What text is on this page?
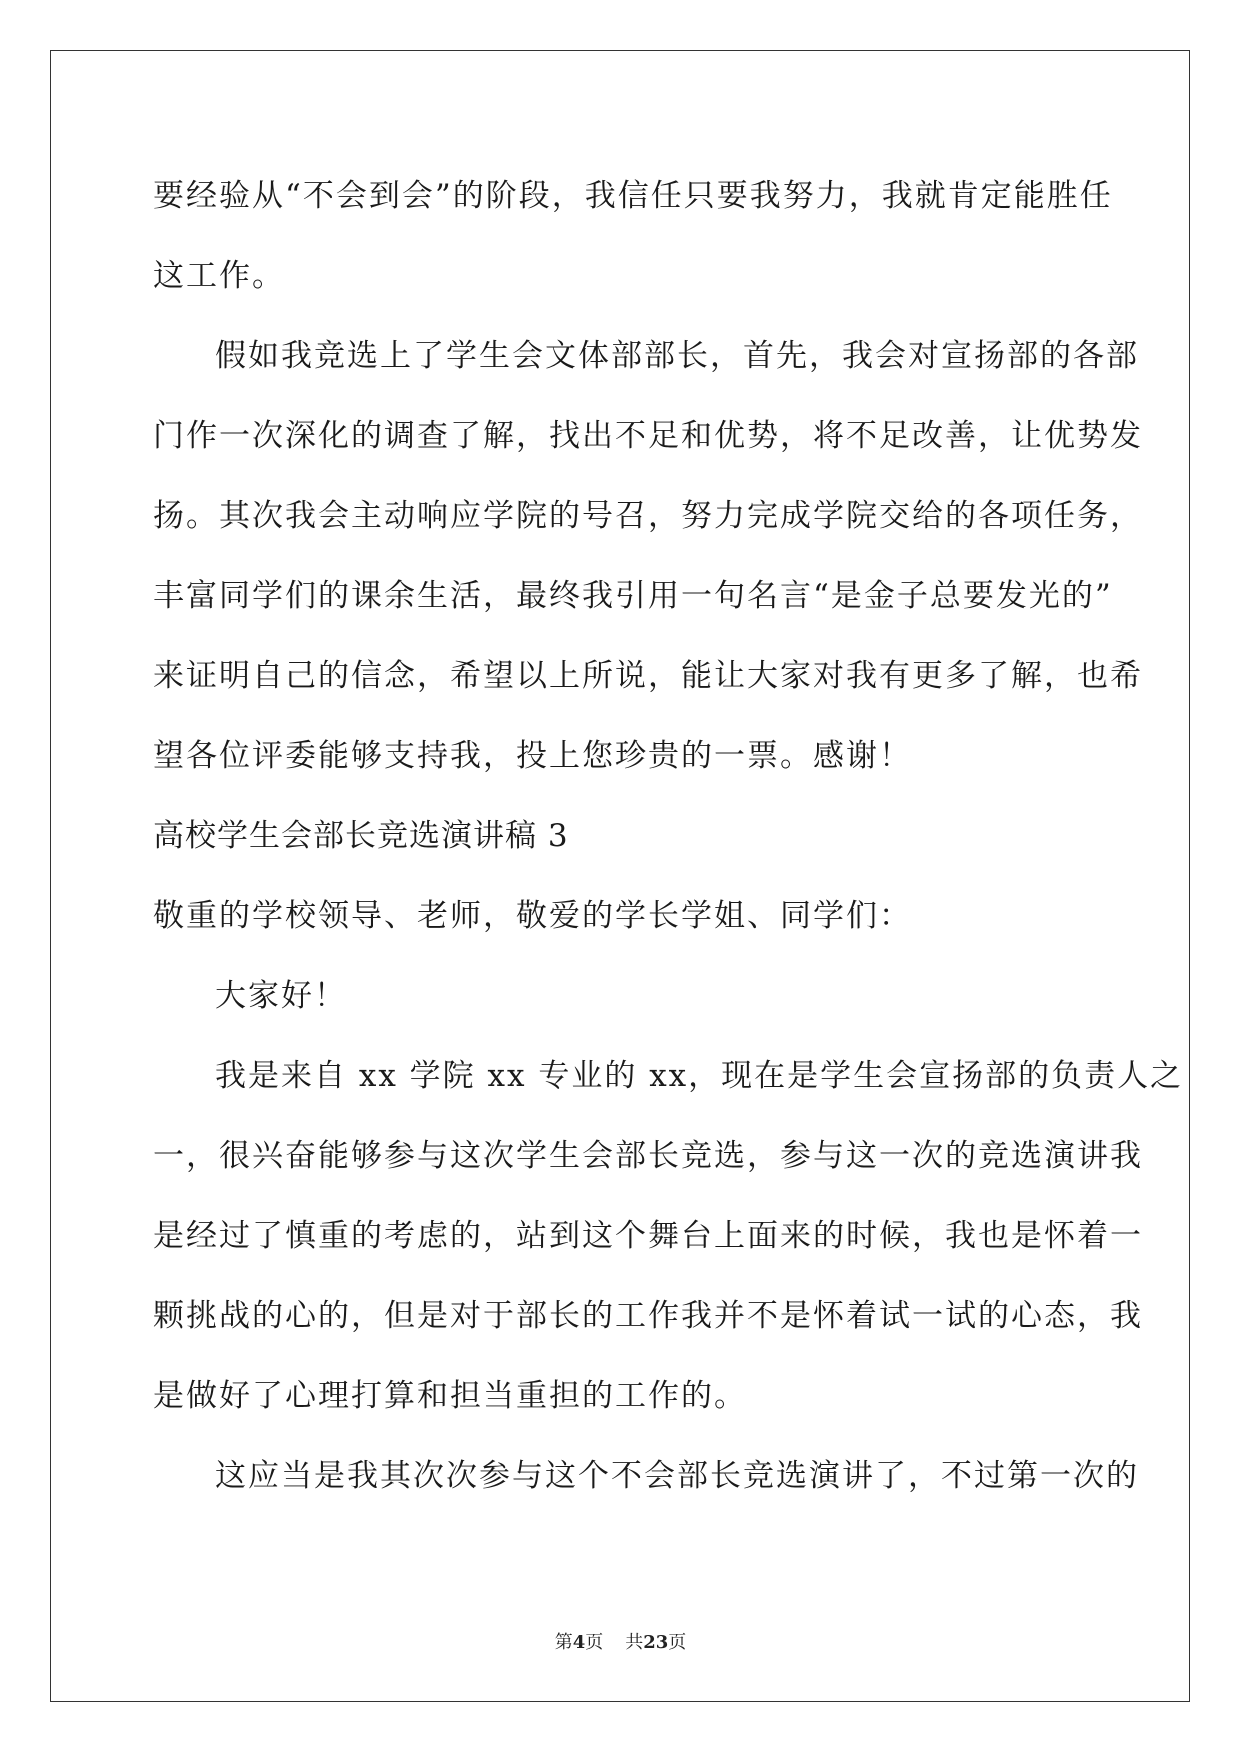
要经验从“不会到会”的阶段，我信任只要我努力，我就肯定能胜任
这工作。
假如我竞选上了学生会文体部部长，首先，我会对宣扬部的各部
门作一次深化的调查了解，找出不足和优势，将不足改善，让优势发
扬。其次我会主动响应学院的号召，努力完成学院交给的各项任务，
丰富同学们的课余生活，最终我引用一句名言“是金子总要发光的”
来证明自己的信念，希望以上所说，能让大家对我有更多了解，也希
望各位评委能够支持我，投上您珍贵的一票。感谢！
高校学生会部长竞选演讲稿 3
敬重的学校领导、老师，敬爱的学长学姐、同学们：
大家好！
我是来自 xx 学院 xx 专业的 xx，现在是学生会宣扬部的负责人之
一，很兴奋能够参与这次学生会部长竞选，参与这一次的竞选演讲我
是经过了慎重的考虑的，站到这个舞台上面来的时候，我也是怀着一
颗挑战的心的，但是对于部长的工作我并不是怀着试一试的心态，我
是做好了心理打算和担当重担的工作的。
这应当是我其次次参与这个不会部长竞选演讲了，不过第一次的
第4页 共23页
